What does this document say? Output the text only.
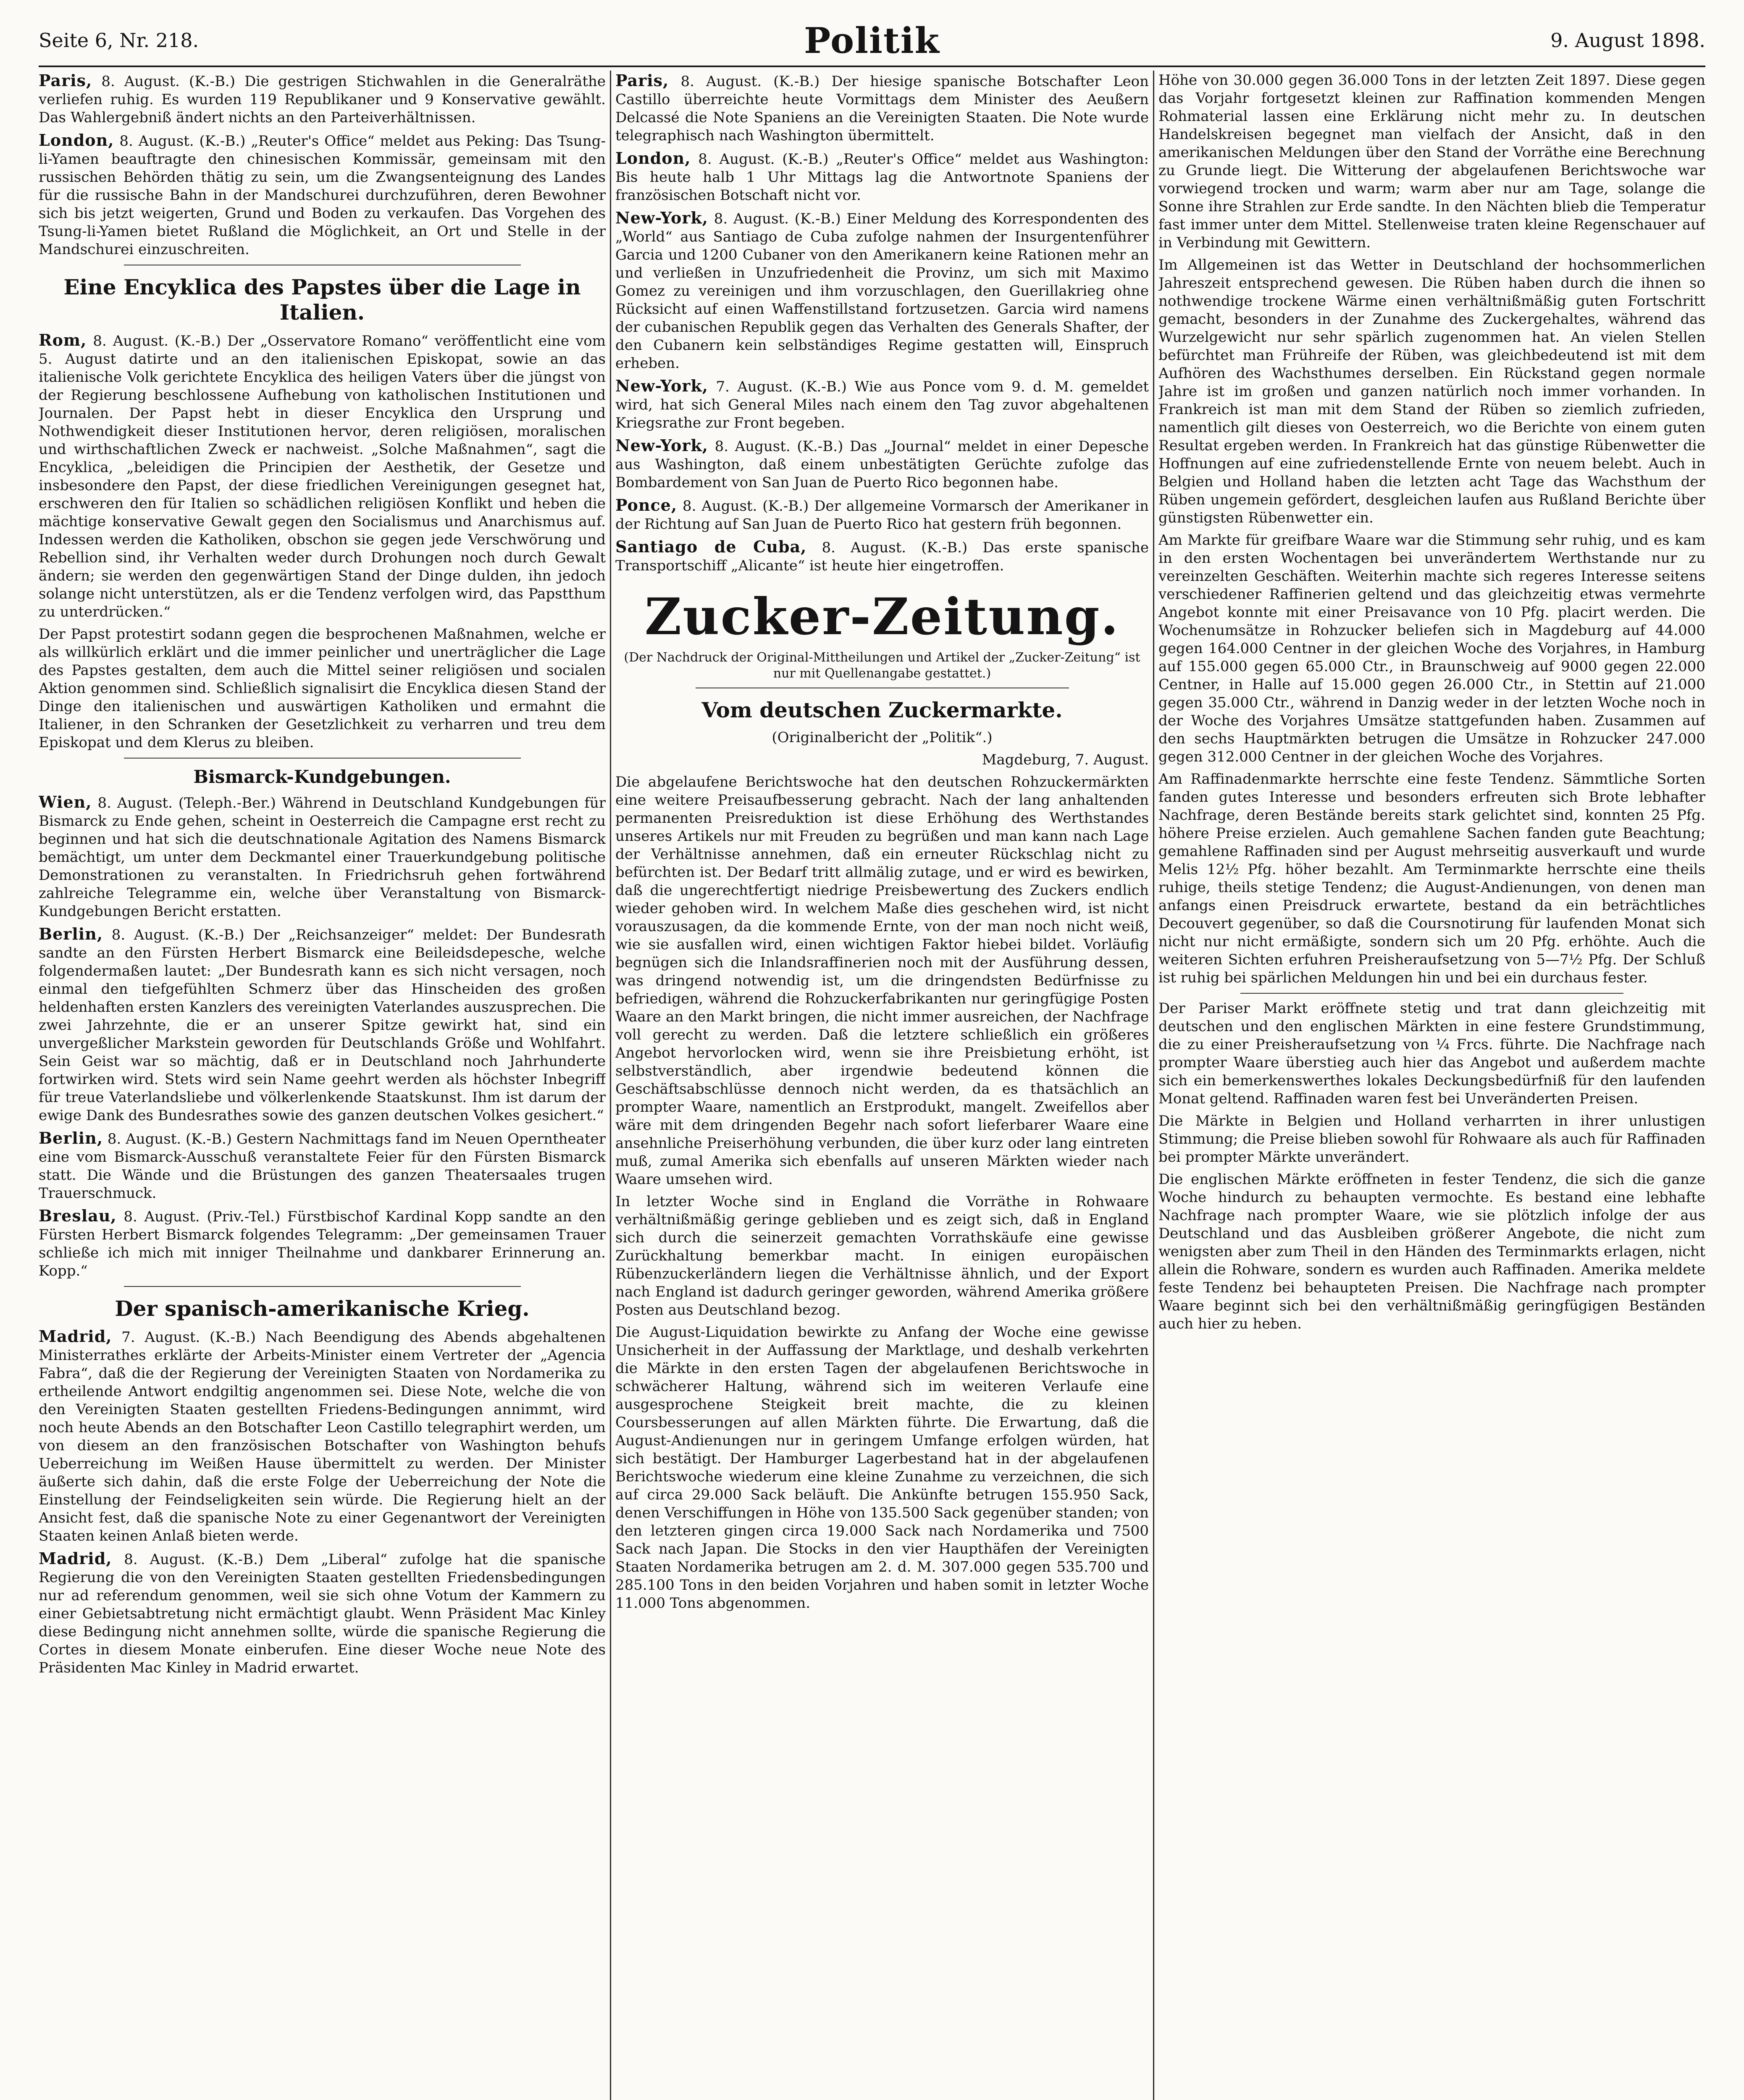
Seite 6, Nr. 218.	Politik	9. August 1898.

Paris, 8. August. (K.-B.) Die gestrigen Stichwahlen in die Generalräthe verliefen ruhig. Es wurden 119 Republikaner und 9 Konservative gewählt. Das Wahlergebniß ändert nichts an den Parteiverhältnissen.

London, 8. August. (K.-B.) „Reuter's Office“ meldet aus Peking: Das Tsung-li-Yamen beauftragte den chinesischen Kommissär, gemeinsam mit den russischen Behörden thätig zu sein, um die Zwangsenteignung des Landes für die russische Bahn in der Mandschurei durchzuführen, deren Bewohner sich bis jetzt weigerten, Grund und Boden zu verkaufen. Das Vorgehen des Tsung-li-Yamen bietet Rußland die Möglichkeit, an Ort und Stelle in der Mandschurei einzuschreiten.

Eine Encyklica des Papstes über die Lage in Italien.

Rom, 8. August. (K.-B.) Der „Osservatore Romano“ veröffentlicht eine vom 5. August datirte und an den italienischen Episkopat, sowie an das italienische Volk gerichtete Encyklica des heiligen Vaters über die jüngst von der Regierung beschlossene Aufhebung von katholischen Institutionen und Journalen. Der Papst hebt in dieser Encyklica den Ursprung und Nothwendigkeit dieser Institutionen hervor, deren religiösen, moralischen und wirthschaftlichen Zweck er nachweist. „Solche Maßnahmen“, sagt die Encyklica, „beleidigen die Principien der Aesthetik, der Gesetze und insbesondere den Papst, der diese friedlichen Vereinigungen gesegnet hat, erschweren den für Italien so schädlichen religiösen Konflikt und heben die mächtige konservative Gewalt gegen den Socialismus und Anarchismus auf. Indessen werden die Katholiken, obschon sie gegen jede Verschwörung und Rebellion sind, ihr Verhalten weder durch Drohungen noch durch Gewalt ändern; sie werden den gegenwärtigen Stand der Dinge dulden, ihn jedoch solange nicht unterstützen, als er die Tendenz verfolgen wird, das Papstthum zu unterdrücken.“

Der Papst protestirt sodann gegen die besprochenen Maßnahmen, welche er als willkürlich erklärt und die immer peinlicher und unerträglicher die Lage des Papstes gestalten, dem auch die Mittel seiner religiösen und socialen Aktion genommen sind. Schließlich signalisirt die Encyklica diesen Stand der Dinge den italienischen und auswärtigen Katholiken und ermahnt die Italiener, in den Schranken der Gesetzlichkeit zu verharren und treu dem Episkopat und dem Klerus zu bleiben.

Bismarck-Kundgebungen.

Wien, 8. August. (Teleph.-Ber.) Während in Deutschland Kundgebungen für Bismarck zu Ende gehen, scheint in Oesterreich die Campagne erst recht zu beginnen und hat sich die deutschnationale Agitation des Namens Bismarck bemächtigt, um unter dem Deckmantel einer Trauerkundgebung politische Demonstrationen zu veranstalten. In Friedrichsruh gehen fortwährend zahlreiche Telegramme ein, welche über Veranstaltung von Bismarck-Kundgebungen Bericht erstatten.

Berlin, 8. August. (K.-B.) Der „Reichsanzeiger“ meldet: Der Bundesrath sandte an den Fürsten Herbert Bismarck eine Beileidsdepesche, welche folgendermaßen lautet: „Der Bundesrath kann es sich nicht versagen, noch einmal den tiefgefühlten Schmerz über das Hinscheiden des großen heldenhaften ersten Kanzlers des vereinigten Vaterlandes auszusprechen. Die zwei Jahrzehnte, die er an unserer Spitze gewirkt hat, sind ein unvergeßlicher Markstein geworden für Deutschlands Größe und Wohlfahrt. Sein Geist war so mächtig, daß er in Deutschland noch Jahrhunderte fortwirken wird. Stets wird sein Name geehrt werden als höchster Inbegriff für treue Vaterlandsliebe und völkerlenkende Staatskunst. Ihm ist darum der ewige Dank des Bundesrathes sowie des ganzen deutschen Volkes gesichert.“

Berlin, 8. August. (K.-B.) Gestern Nachmittags fand im Neuen Operntheater eine vom Bismarck-Ausschuß veranstaltete Feier für den Fürsten Bismarck statt. Die Wände und die Brüstungen des ganzen Theatersaales trugen Trauerschmuck.

Breslau, 8. August. (Priv.-Tel.) Fürstbischof Kardinal Kopp sandte an den Fürsten Herbert Bismarck folgendes Telegramm: „Der gemeinsamen Trauer schließe ich mich mit inniger Theilnahme und dankbarer Erinnerung an. Kopp.“

Der spanisch-amerikanische Krieg.

Madrid, 7. August. (K.-B.) Nach Beendigung des Abends abgehaltenen Ministerrathes erklärte der Arbeits-Minister einem Vertreter der „Agencia Fabra“, daß die der Regierung der Vereinigten Staaten von Nordamerika zu ertheilende Antwort endgiltig angenommen sei. Diese Note, welche die von den Vereinigten Staaten gestellten Friedens-Bedingungen annimmt, wird noch heute Abends an den Botschafter Leon Castillo telegraphirt werden, um von diesem an den französischen Botschafter von Washington behufs Ueberreichung im Weißen Hause übermittelt zu werden. Der Minister äußerte sich dahin, daß die erste Folge der Ueberreichung der Note die Einstellung der Feindseligkeiten sein würde. Die Regierung hielt an der Ansicht fest, daß die spanische Note zu einer Gegenantwort der Vereinigten Staaten keinen Anlaß bieten werde.

Madrid, 8. August. (K.-B.) Dem „Liberal“ zufolge hat die spanische Regierung die von den Vereinigten Staaten gestellten Friedensbedingungen nur ad referendum genommen, weil sie sich ohne Votum der Kammern zu einer Gebietsabtretung nicht ermächtigt glaubt. Wenn Präsident Mac Kinley diese Bedingung nicht annehmen sollte, würde die spanische Regierung die Cortes in diesem Monate einberufen. Eine dieser Woche neue Note des Präsidenten Mac Kinley in Madrid erwartet.

Paris, 8. August. (K.-B.) Der hiesige spanische Botschafter Leon Castillo überreichte heute Vormittags dem Minister des Aeußern Delcassé die Note Spaniens an die Vereinigten Staaten. Die Note wurde telegraphisch nach Washington übermittelt.

London, 8. August. (K.-B.) „Reuter's Office“ meldet aus Washington: Bis heute halb 1 Uhr Mittags lag die Antwortnote Spaniens der französischen Botschaft nicht vor.

New-York, 8. August. (K.-B.) Einer Meldung des Korrespondenten des „World“ aus Santiago de Cuba zufolge nahmen der Insurgentenführer Garcia und 1200 Cubaner von den Amerikanern keine Rationen mehr an und verließen in Unzufriedenheit die Provinz, um sich mit Maximo Gomez zu vereinigen und ihm vorzuschlagen, den Guerillakrieg ohne Rücksicht auf einen Waffenstillstand fortzusetzen. Garcia wird namens der cubanischen Republik gegen das Verhalten des Generals Shafter, der den Cubanern kein selbständiges Regime gestatten will, Einspruch erheben.

New-York, 7. August. (K.-B.) Wie aus Ponce vom 9. d. M. gemeldet wird, hat sich General Miles nach einem den Tag zuvor abgehaltenen Kriegsrathe zur Front begeben.

New-York, 8. August. (K.-B.) Das „Journal“ meldet in einer Depesche aus Washington, daß einem unbestätigten Gerüchte zufolge das Bombardement von San Juan de Puerto Rico begonnen habe.

Ponce, 8. August. (K.-B.) Der allgemeine Vormarsch der Amerikaner in der Richtung auf San Juan de Puerto Rico hat gestern früh begonnen.

Santiago de Cuba, 8. August. (K.-B.) Das erste spanische Transportschiff „Alicante“ ist heute hier eingetroffen.

Zucker-Zeitung.

(Der Nachdruck der Original-Mittheilungen und Artikel der „Zucker-Zeitung“ ist nur mit Quellenangabe gestattet.)

Vom deutschen Zuckermarkte.

(Originalbericht der „Politik“.)

Magdeburg, 7. August.

Die abgelaufene Berichtswoche hat den deutschen Rohzuckermärkten eine weitere Preisaufbesserung gebracht. Nach der lang anhaltenden permanenten Preisreduktion ist diese Erhöhung des Werthstandes unseres Artikels nur mit Freuden zu begrüßen und man kann nach Lage der Verhältnisse annehmen, daß ein erneuter Rückschlag nicht zu befürchten ist. Der Bedarf tritt allmälig zutage, und er wird es bewirken, daß die ungerechtfertigt niedrige Preisbewertung des Zuckers endlich wieder gehoben wird. In welchem Maße dies geschehen wird, ist nicht vorauszusagen, da die kommende Ernte, von der man noch nicht weiß, wie sie ausfallen wird, einen wichtigen Faktor hiebei bildet. Vorläufig begnügen sich die Inlandsraffinerien noch mit der Ausführung dessen, was dringend notwendig ist, um die dringendsten Bedürfnisse zu befriedigen, während die Rohzuckerfabrikanten nur geringfügige Posten Waare an den Markt bringen, die nicht immer ausreichen, der Nachfrage voll gerecht zu werden. Daß die letztere schließlich ein größeres Angebot hervorlocken wird, wenn sie ihre Preisbietung erhöht, ist selbstverständlich, aber irgendwie bedeutend können die Geschäftsabschlüsse dennoch nicht werden, da es thatsächlich an prompter Waare, namentlich an Erstprodukt, mangelt. Zweifellos aber wäre mit dem dringenden Begehr nach sofort lieferbarer Waare eine ansehnliche Preiserhöhung verbunden, die über kurz oder lang eintreten muß, zumal Amerika sich ebenfalls auf unseren Märkten wieder nach Waare umsehen wird.

In letzter Woche sind in England die Vorräthe in Rohwaare verhältnißmäßig geringe geblieben und es zeigt sich, daß in England sich durch die seinerzeit gemachten Vorrathskäufe eine gewisse Zurückhaltung bemerkbar macht. In einigen europäischen Rübenzuckerländern liegen die Verhältnisse ähnlich, und der Export nach England ist dadurch geringer geworden, während Amerika größere Posten aus Deutschland bezog.

Die August-Liquidation bewirkte zu Anfang der Woche eine gewisse Unsicherheit in der Auffassung der Marktlage, und deshalb verkehrten die Märkte in den ersten Tagen der abgelaufenen Berichtswoche in schwächerer Haltung, während sich im weiteren Verlaufe eine ausgesprochene Steigkeit breit machte, die zu kleinen Coursbesserungen auf allen Märkten führte. Die Erwartung, daß die August-Andienungen nur in geringem Umfange erfolgen würden, hat sich bestätigt. Der Hamburger Lagerbestand hat in der abgelaufenen Berichtswoche wiederum eine kleine Zunahme zu verzeichnen, die sich auf circa 29.000 Sack beläuft. Die Ankünfte betrugen 155.950 Sack, denen Verschiffungen in Höhe von 135.500 Sack gegenüber standen; von den letzteren gingen circa 19.000 Sack nach Nordamerika und 7500 Sack nach Japan. Die Stocks in den vier Haupthäfen der Vereinigten Staaten Nordamerika betrugen am 2. d. M. 307.000 gegen 535.700 und 285.100 Tons in den beiden Vorjahren und haben somit in letzter Woche 11.000 Tons abgenommen.

Höhe von 30.000 gegen 36.000 Tons in der letzten Zeit 1897. Diese gegen das Vorjahr fortgesetzt kleinen zur Raffination kommenden Mengen Rohmaterial lassen eine Erklärung nicht mehr zu. In deutschen Handelskreisen begegnet man vielfach der Ansicht, daß in den amerikanischen Meldungen über den Stand der Vorräthe eine Berechnung zu Grunde liegt. Die Witterung der abgelaufenen Berichtswoche war vorwiegend trocken und warm; warm aber nur am Tage, solange die Sonne ihre Strahlen zur Erde sandte. In den Nächten blieb die Temperatur fast immer unter dem Mittel. Stellenweise traten kleine Regenschauer auf in Verbindung mit Gewittern.

Im Allgemeinen ist das Wetter in Deutschland der hochsommerlichen Jahreszeit entsprechend gewesen. Die Rüben haben durch die ihnen so nothwendige trockene Wärme einen verhältnißmäßig guten Fortschritt gemacht, besonders in der Zunahme des Zuckergehaltes, während das Wurzelgewicht nur sehr spärlich zugenommen hat. An vielen Stellen befürchtet man Frühreife der Rüben, was gleichbedeutend ist mit dem Aufhören des Wachsthumes derselben. Ein Rückstand gegen normale Jahre ist im großen und ganzen natürlich noch immer vorhanden. In Frankreich ist man mit dem Stand der Rüben so ziemlich zufrieden, namentlich gilt dieses von Oesterreich, wo die Berichte von einem guten Resultat ergeben werden. In Frankreich hat das günstige Rübenwetter die Hoffnungen auf eine zufriedenstellende Ernte von neuem belebt. Auch in Belgien und Holland haben die letzten acht Tage das Wachsthum der Rüben ungemein gefördert, desgleichen laufen aus Rußland Berichte über günstigsten Rübenwetter ein.

Am Markte für greifbare Waare war die Stimmung sehr ruhig, und es kam in den ersten Wochentagen bei unverändertem Werthstande nur zu vereinzelten Geschäften. Weiterhin machte sich regeres Interesse seitens verschiedener Raffinerien geltend und das gleichzeitig etwas vermehrte Angebot konnte mit einer Preisavance von 10 Pfg. placirt werden. Die Wochenumsätze in Rohzucker beliefen sich in Magdeburg auf 44.000 gegen 164.000 Centner in der gleichen Woche des Vorjahres, in Hamburg auf 155.000 gegen 65.000 Ctr., in Braunschweig auf 9000 gegen 22.000 Centner, in Halle auf 15.000 gegen 26.000 Ctr., in Stettin auf 21.000 gegen 35.000 Ctr., während in Danzig weder in der letzten Woche noch in der Woche des Vorjahres Umsätze stattgefunden haben. Zusammen auf den sechs Hauptmärkten betrugen die Umsätze in Rohzucker 247.000 gegen 312.000 Centner in der gleichen Woche des Vorjahres.

Am Raffinadenmarkte herrschte eine feste Tendenz. Sämmtliche Sorten fanden gutes Interesse und besonders erfreuten sich Brote lebhafter Nachfrage, deren Bestände bereits stark gelichtet sind, konnten 25 Pfg. höhere Preise erzielen. Auch gemahlene Sachen fanden gute Beachtung; gemahlene Raffinaden sind per August mehrseitig ausverkauft und wurde Melis 12½ Pfg. höher bezahlt. Am Terminmarkte herrschte eine theils ruhige, theils stetige Tendenz; die August-Andienungen, von denen man anfangs einen Preisdruck erwartete, bestand da ein beträchtliches Decouvert gegenüber, so daß die Coursnotirung für laufenden Monat sich nicht nur nicht ermäßigte, sondern sich um 20 Pfg. erhöhte. Auch die weiteren Sichten erfuhren Preisheraufsetzung von 5—7½ Pfg. Der Schluß ist ruhig bei spärlichen Meldungen hin und bei ein durchaus fester.

Der Pariser Markt eröffnete stetig und trat dann gleichzeitig mit deutschen und den englischen Märkten in eine festere Grundstimmung, die zu einer Preisheraufsetzung von ¼ Frcs. führte. Die Nachfrage nach prompter Waare überstieg auch hier das Angebot und außerdem machte sich ein bemerkenswerthes lokales Deckungsbedürfniß für den laufenden Monat geltend. Raffinaden waren fest bei Unveränderten Preisen.

Die Märkte in Belgien und Holland verharrten in ihrer unlustigen Stimmung; die Preise blieben sowohl für Rohwaare als auch für Raffinaden bei prompter Märkte unverändert.

Die englischen Märkte eröffneten in fester Tendenz, die sich die ganze Woche hindurch zu behaupten vermochte. Es bestand eine lebhafte Nachfrage nach prompter Waare, wie sie plötzlich infolge der aus Deutschland und das Ausbleiben größerer Angebote, die nicht zum wenigsten aber zum Theil in den Händen des Terminmarkts erlagen, nicht allein die Rohware, sondern es wurden auch Raffinaden. Amerika meldete feste Tendenz bei behaupteten Preisen. Die Nachfrage nach prompter Waare beginnt sich bei den verhältnißmäßig geringfügigen Beständen auch hier zu heben.
